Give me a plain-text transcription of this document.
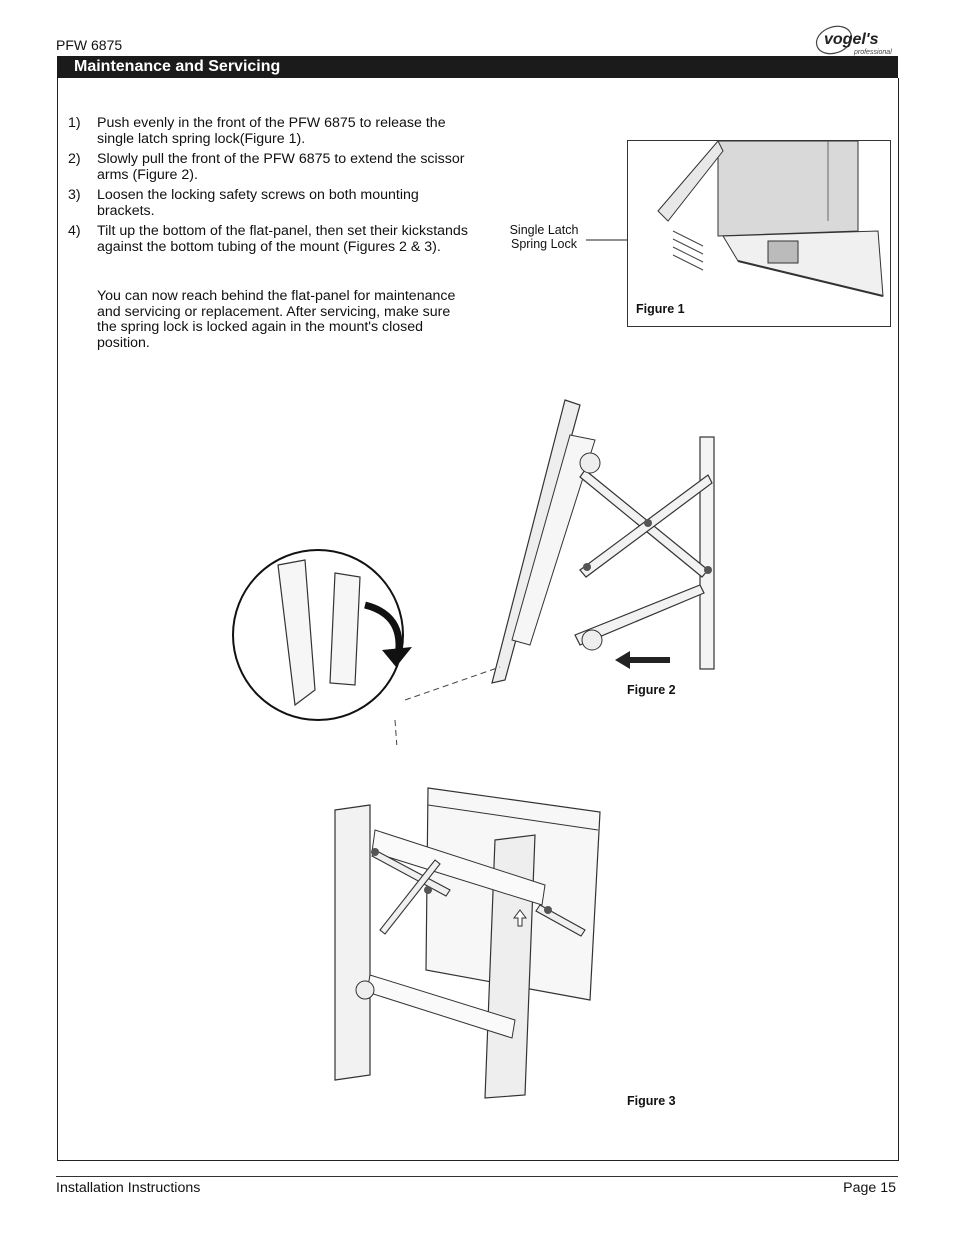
PFW 6875	vogel's
professional
Maintenance and Servicing
1) Push evenly in the front of the PFW 6875 to release the single latch spring lock(Figure 1).
2) Slowly pull the front of the PFW 6875 to extend the scissor arms (Figure 2).
3) Loosen the locking safety screws on both mounting brackets.
4) Tilt up the bottom of the flat-panel, then set their kickstands against the bottom tubing of the mount (Figures 2 & 3).
You can now reach behind the flat-panel for maintenance and servicing or replacement. After servicing, make sure the spring lock is locked again in the mount's closed position.
Single Latch Spring Lock
Figure 1
Figure 2
Figure 3
Installation Instructions	Page 15
